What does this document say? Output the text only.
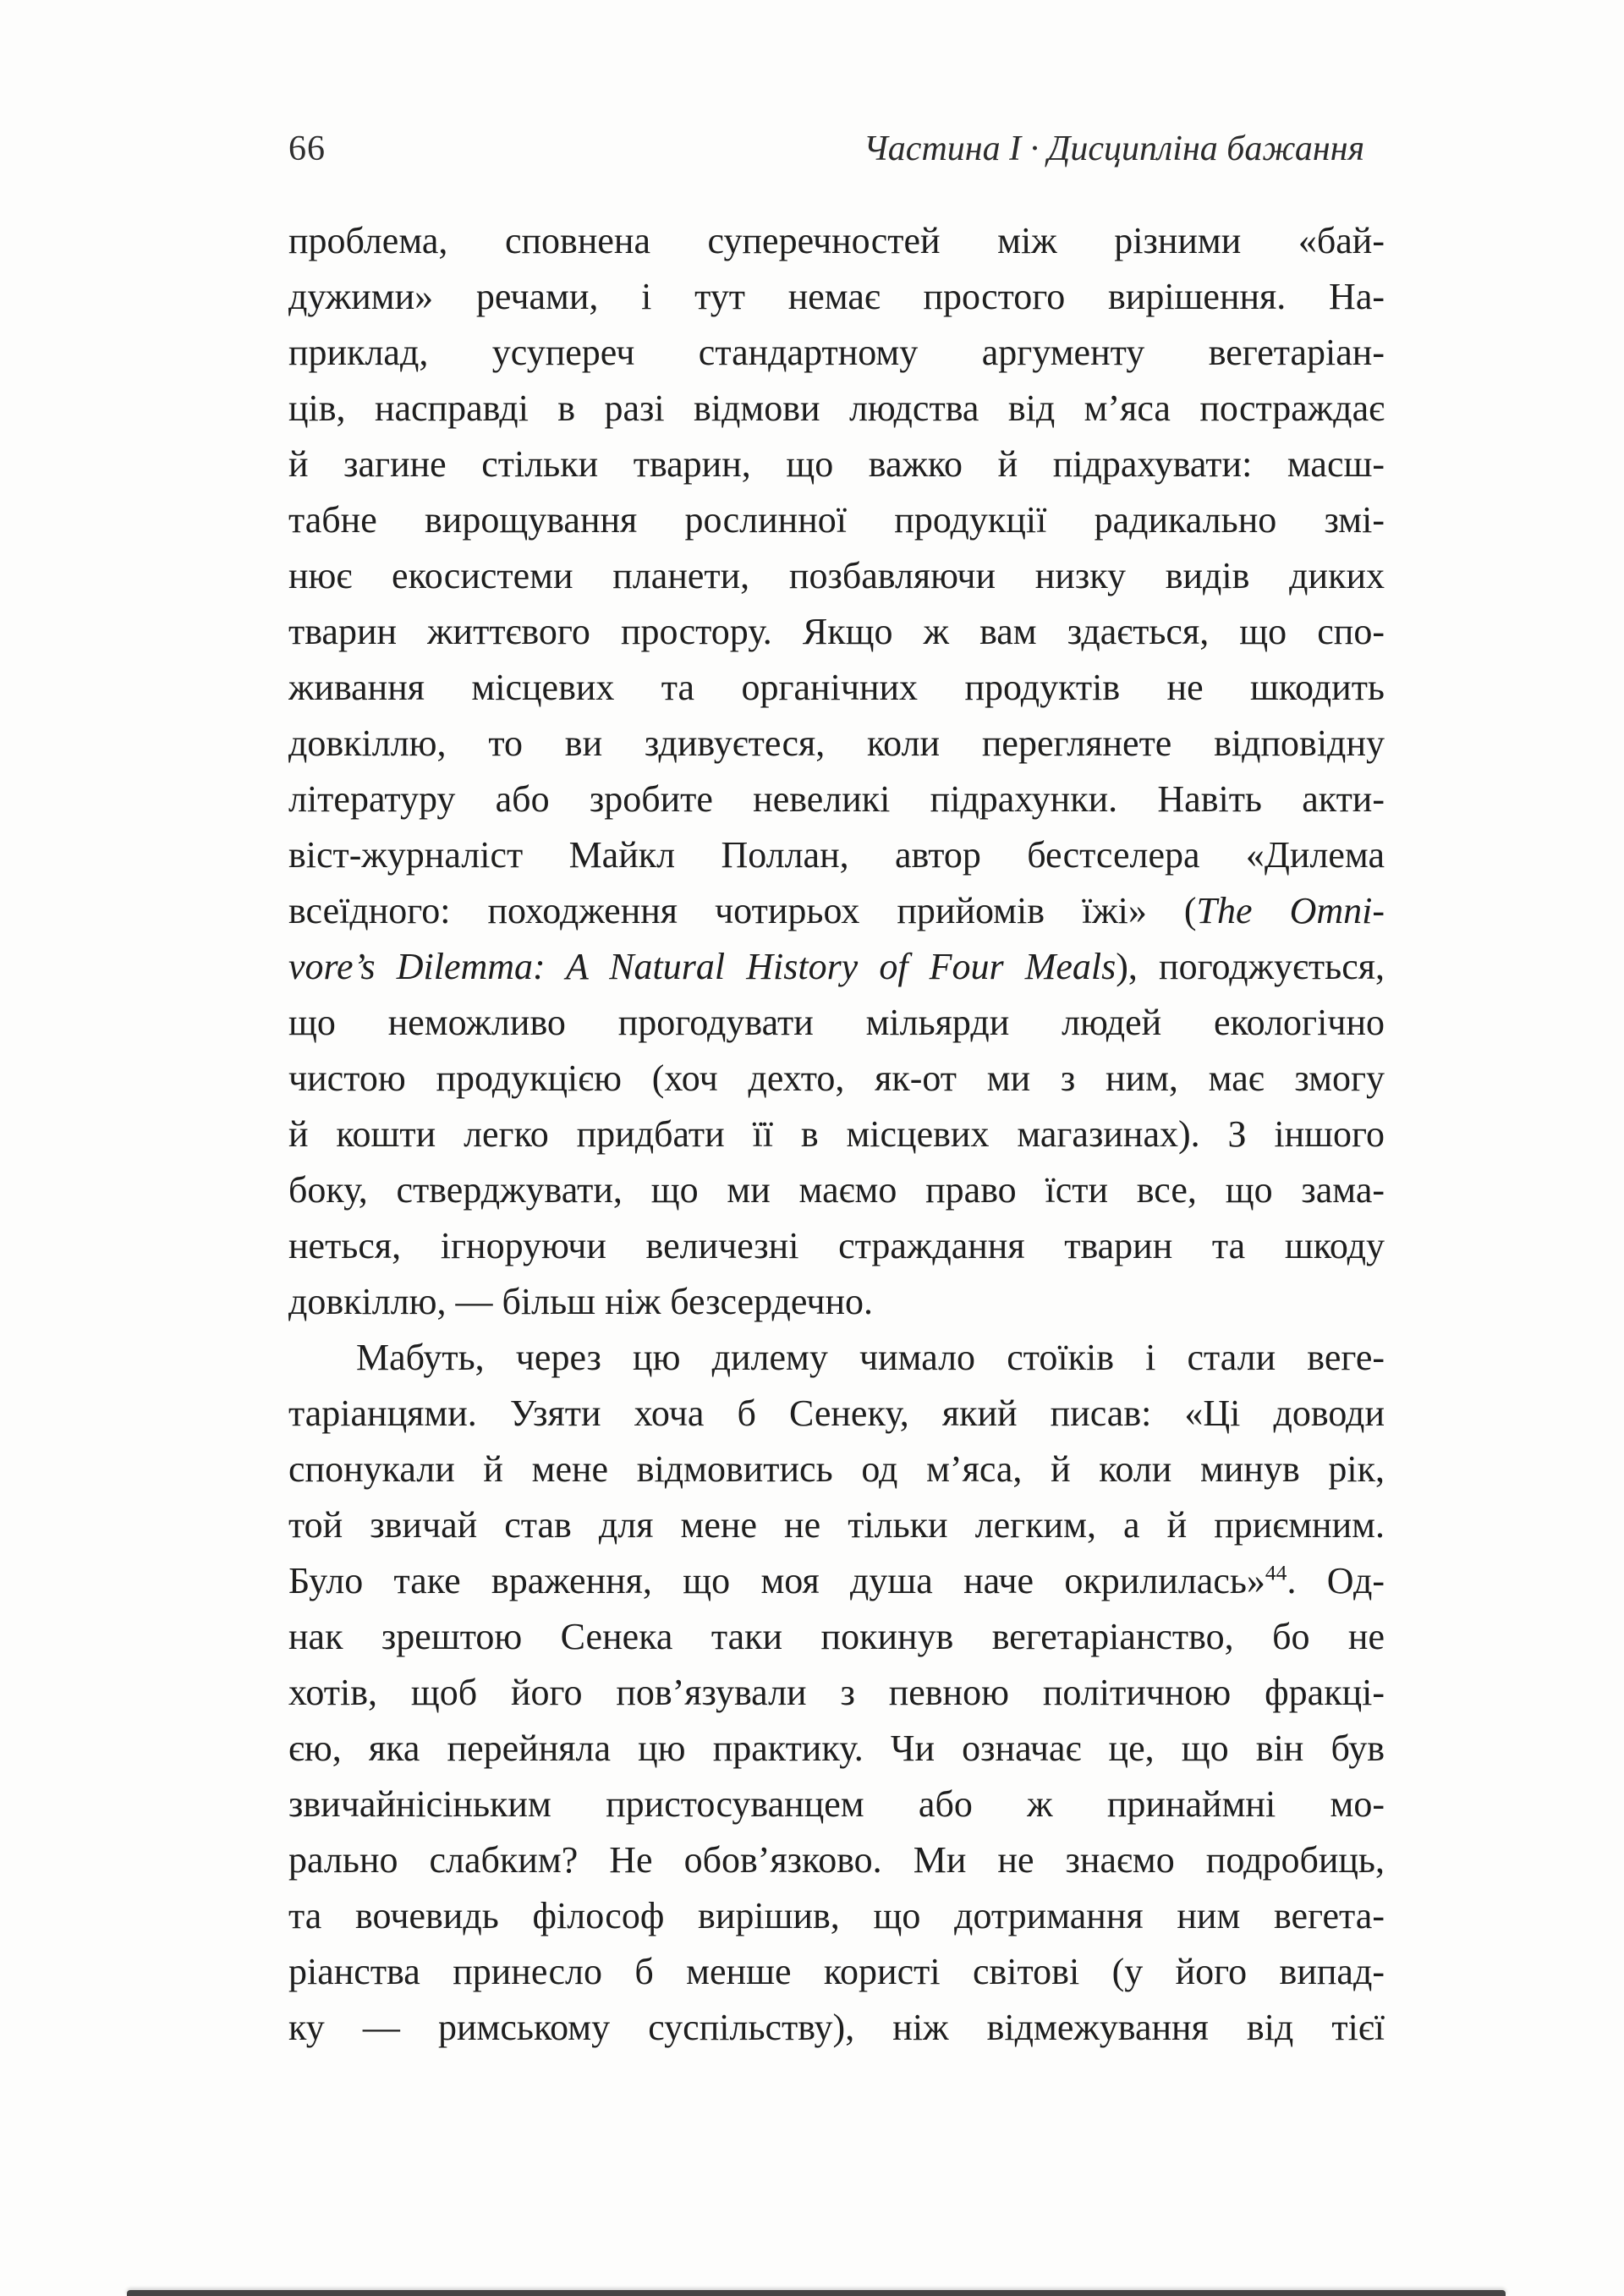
66	Частина I · Дисципліна бажання
проблема, сповнена суперечностей між різними «бай-
дужими» речами, і тут немає простого вирішення. На-
приклад, усупереч стандартному аргументу вегетаріан-
ців, насправді в разі відмови людства від м’яса постраждає
й загине стільки тварин, що важко й підрахувати: масш-
табне вирощування рослинної продукції радикально змі-
нює екосистеми планети, позбавляючи низку видів диких
тварин життєвого простору. Якщо ж вам здається, що спо-
живання місцевих та органічних продуктів не шкодить
довкіллю, то ви здивуєтеся, коли переглянете відповідну
літературу або зробите невеликі підрахунки. Навіть акти-
віст-журналіст Майкл Поллан, автор бестселера «Дилема
всеїдного: походження чотирьох прийомів їжі» (The Omni-
vore’s Dilemma: A Natural History of Four Meals), погоджується,
що неможливо прогодувати мільярди людей екологічно
чистою продукцією (хоч дехто, як-от ми з ним, має змогу
й кошти легко придбати її в місцевих магазинах). З іншого
боку, стверджувати, що ми маємо право їсти все, що зама-
неться, ігноруючи величезні страждання тварин та шкоду
довкіллю, — більш ніж безсердечно.
Мабуть, через цю дилему чимало стоїків і стали веге-
таріанцями. Узяти хоча б Сенеку, який писав: «Ці доводи
спонукали й мене відмовитись од м’яса, й коли минув рік,
той звичай став для мене не тільки легким, а й приємним.
Було таке враження, що моя душа наче окрилилась»$^{44}$. Од-
нак зрештою Сенека таки покинув вегетаріанство, бо не
хотів, щоб його пов’язували з певною політичною фракці-
єю, яка перейняла цю практику. Чи означає це, що він був
звичайнісіньким пристосуванцем або ж принаймні мо-
рально слабким? Не обов’язково. Ми не знаємо подробиць,
та вочевидь філософ вирішив, що дотримання ним вегета-
ріанства принесло б менше користі світові (у його випад-
ку — римському суспільству), ніж відмежування від тієї
